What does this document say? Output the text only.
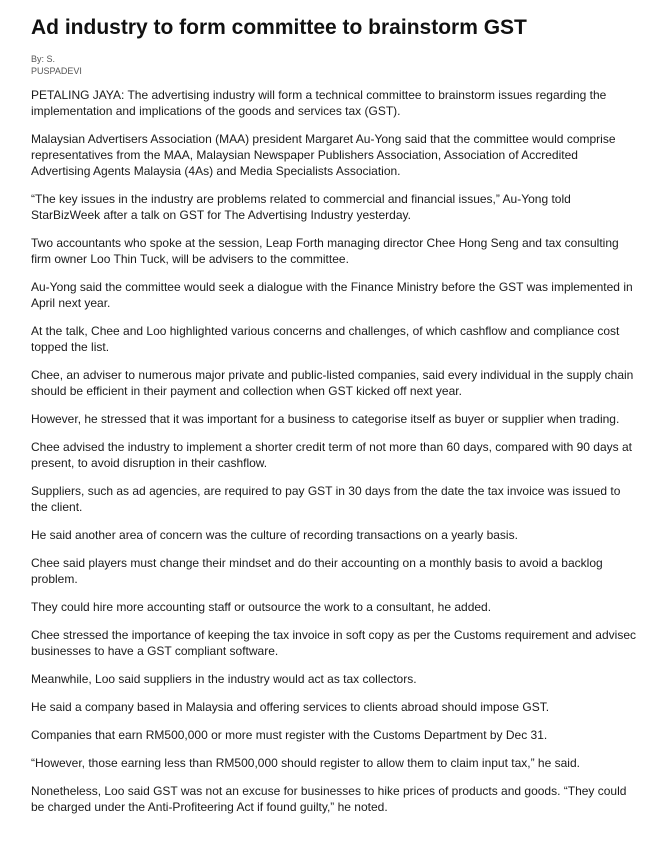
Ad industry to form committee to brainstorm GST
By: S.
PUSPADEVI

PETALING JAYA: The advertising industry will form a technical committee to brainstorm issues regarding the
implementation and implications of the goods and services tax (GST).

Malaysian Advertisers Association (MAA) president Margaret Au-Yong said that the committee would comprise
representatives from the MAA, Malaysian Newspaper Publishers Association, Association of Accredited
Advertising Agents Malaysia (4As) and Media Specialists Association.

“The key issues in the industry are problems related to commercial and financial issues,” Au-Yong told
StarBizWeek after a talk on GST for The Advertising Industry yesterday.

Two accountants who spoke at the session, Leap Forth managing director Chee Hong Seng and tax consulting
firm owner Loo Thin Tuck, will be advisers to the committee.

Au-Yong said the committee would seek a dialogue with the Finance Ministry before the GST was implemented in
April next year.

At the talk, Chee and Loo highlighted various concerns and challenges, of which cashflow and compliance cost
topped the list.

Chee, an adviser to numerous major private and public-listed companies, said every individual in the supply chain
should be efficient in their payment and collection when GST kicked off next year.

However, he stressed that it was important for a business to categorise itself as buyer or supplier when trading.

Chee advised the industry to implement a shorter credit term of not more than 60 days, compared with 90 days at
present, to avoid disruption in their cashflow.

Suppliers, such as ad agencies, are required to pay GST in 30 days from the date the tax invoice was issued to
the client.

He said another area of concern was the culture of recording transactions on a yearly basis.

Chee said players must change their mindset and do their accounting on a monthly basis to avoid a backlog
problem.

They could hire more accounting staff or outsource the work to a consultant, he added.

Chee stressed the importance of keeping the tax invoice in soft copy as per the Customs requirement and advisec
businesses to have a GST compliant software.

Meanwhile, Loo said suppliers in the industry would act as tax collectors.

He said a company based in Malaysia and offering services to clients abroad should impose GST.

Companies that earn RM500,000 or more must register with the Customs Department by Dec 31.

“However, those earning less than RM500,000 should register to allow them to claim input tax,” he said.

Nonetheless, Loo said GST was not an excuse for businesses to hike prices of products and goods. “They could
be charged under the Anti-Profiteering Act if found guilty,” he noted.
